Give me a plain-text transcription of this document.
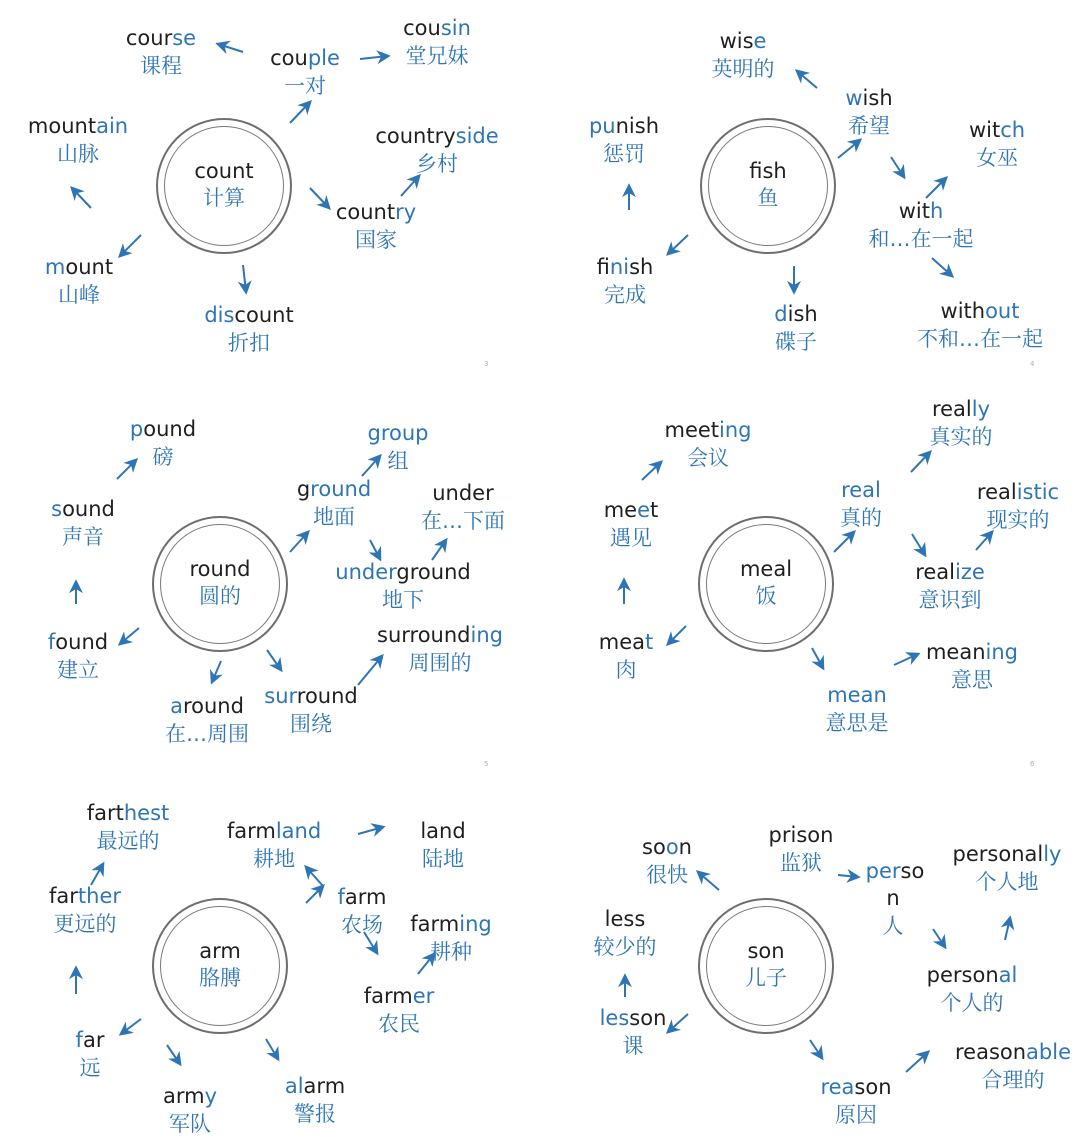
count
计算
course
课程	couple
一对
cousin
堂兄妹
mountain
山脉
countryside
乡村
country
国家
mount
山峰
discount
折扣
3
fish
鱼
wise
英明的
wish
希望
punish
惩罚
witch
女巫
with
和…在一起
finish
完成
dish
碟子
without
不和…在一起
4
round
圆的
pound
磅
group
组
ground
地面
under
在…下面
sound
声音
underground
地下
found
建立
surrounding
周围的
around
在…周围
surround
围绕
5
meal
饭
really
真实的
meeting
会议
real
真的
realistic
现实的
meet
遇见
realize
意识到
meat
肉
meaning
意思
mean
意思是
6
arm
胳膊
farthest
最远的	farmland
耕地
land
陆地
farther
更远的
farm
农场 farming
耕种
farmer
农民
far
远
army
军队
alarm
警报
son
儿子
prison
监狱
soon
很快
personally
个人地
perso
n
人
less
较少的
personal
个人的
lesson
课	reasonable
合理的
reason
原因
